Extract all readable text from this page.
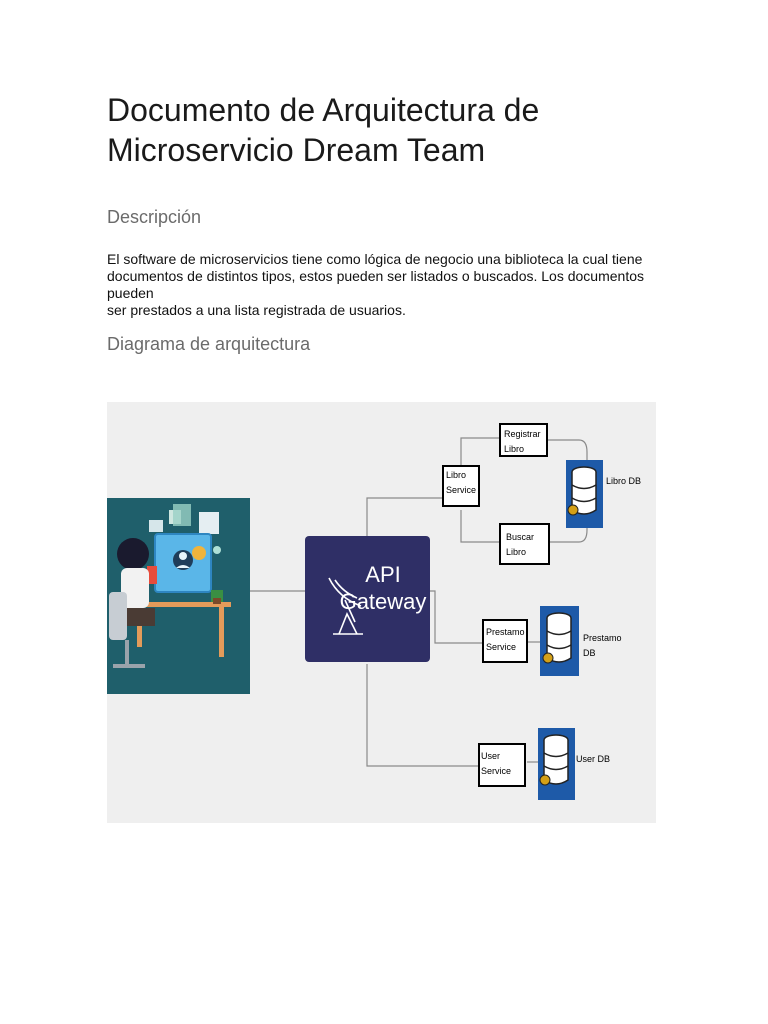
Documento de Arquitectura de
Microservicio Dream Team
Descripción
El software de microservicios tiene como lógica de negocio una biblioteca la cual tiene
documentos de distintos tipos, estos pueden ser listados o buscados. Los documentos
pueden
ser prestados a una lista registrada de usuarios.
Diagrama de arquitectura
API
Gateway
Libro
Service
Registrar
Libro
Buscar
Libro
Prestamo
Service
User
Service
Libro DB
Prestamo
DB
User DB
